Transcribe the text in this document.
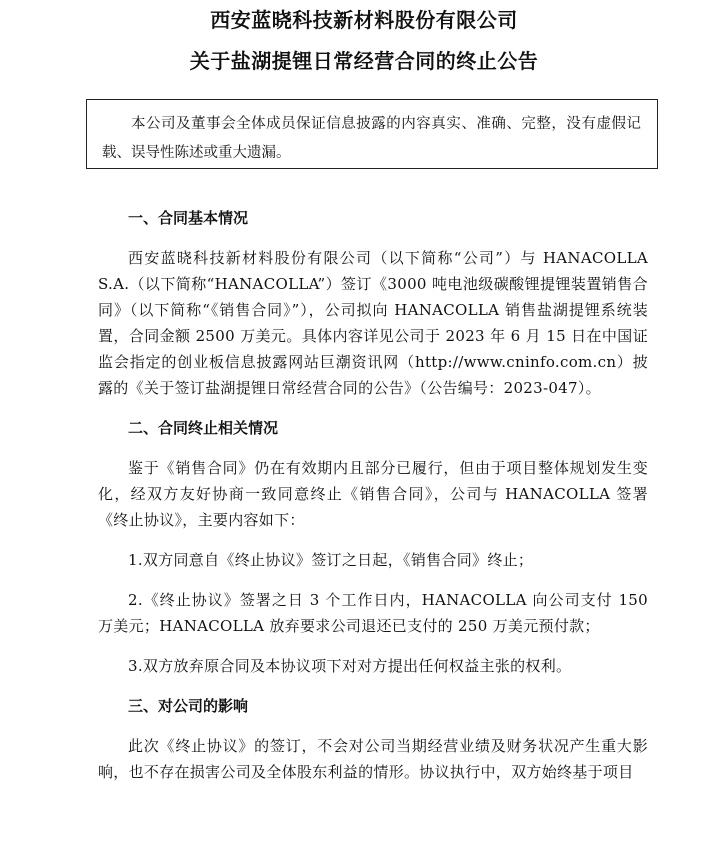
西安蓝晓科技新材料股份有限公司
关于盐湖提锂日常经营合同的终止公告
本公司及董事会全体成员保证信息披露的内容真实、准确、完整，没有虚假记载、误导性陈述或重大遗漏。

一、合同基本情况

西安蓝晓科技新材料股份有限公司（以下简称“公司”）与 HANACOLLA S.A.（以下简称“HANACOLLA”）签订《3000 吨电池级碳酸锂提锂装置销售合同》（以下简称“《销售合同》”），公司拟向 HANACOLLA 销售盐湖提锂系统装置，合同金额 2500 万美元。具体内容详见公司于 2023 年 6 月 15 日在中国证监会指定的创业板信息披露网站巨潮资讯网（http://www.cninfo.com.cn）披露的《关于签订盐湖提锂日常经营合同的公告》（公告编号：2023-047）。

二、合同终止相关情况

鉴于《销售合同》仍在有效期内且部分已履行，但由于项目整体规划发生变化，经双方友好协商一致同意终止《销售合同》，公司与 HANACOLLA 签署《终止协议》，主要内容如下：

1.双方同意自《终止协议》签订之日起，《销售合同》终止；

2.《终止协议》签署之日 3 个工作日内，HANACOLLA 向公司支付 150 万美元；HANACOLLA 放弃要求公司退还已支付的 250 万美元预付款；

3.双方放弃原合同及本协议项下对对方提出任何权益主张的权利。

三、对公司的影响

此次《终止协议》的签订，不会对公司当期经营业绩及财务状况产生重大影响，也不存在损害公司及全体股东利益的情形。协议执行中，双方始终基于项目
